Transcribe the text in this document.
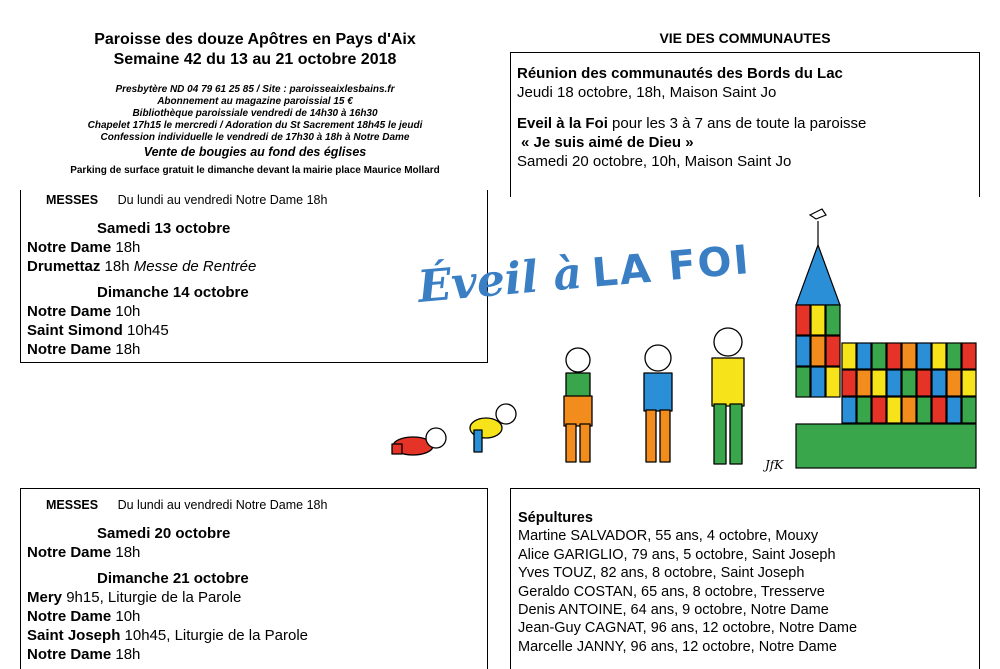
Paroisse des douze Apôtres en Pays d'Aix
Semaine 42 du 13 au 21 octobre 2018
Presbytère ND 04 79 61 25 85 / Site : paroisseaixlesbains.fr
Abonnement au magazine paroissial 15 €
Bibliothèque paroissiale vendredi de 14h30 à 16h30
Chapelet 17h15 le mercredi / Adoration du St Sacrement 18h45 le jeudi
Confession individuelle le vendredi de 17h30 à 18h à Notre Dame
Vente de bougies au fond des églises
Parking de surface gratuit le dimanche devant la mairie place Maurice Mollard
MESSES Du lundi au vendredi Notre Dame 18h
Samedi 13 octobre
Notre Dame 18h
Drumettaz 18h Messe de Rentrée
Dimanche 14 octobre
Notre Dame 10h
Saint Simond 10h45
Notre Dame 18h
MESSES Du lundi au vendredi Notre Dame 18h
Samedi 20 octobre
Notre Dame 18h
Dimanche 21 octobre
Mery 9h15, Liturgie de la Parole
Notre Dame 10h
Saint Joseph 10h45, Liturgie de la Parole
Notre Dame 18h
VIE DES COMMUNAUTES
Réunion des communautés des Bords du Lac
Jeudi 18 octobre, 18h, Maison Saint Jo
Eveil à la Foi pour les 3 à 7 ans de toute la paroisse
« Je suis aimé de Dieu »
Samedi 20 octobre, 10h, Maison Saint Jo
Éveil à LA FOI
JfK
Sépultures
Martine SALVADOR, 55 ans, 4 octobre, Mouxy
Alice GARIGLIO, 79 ans, 5 octobre, Saint Joseph
Yves TOUZ, 82 ans, 8 octobre, Saint Joseph
Geraldo COSTAN, 65 ans, 8 octobre, Tresserve
Denis ANTOINE, 64 ans, 9 octobre, Notre Dame
Jean-Guy CAGNAT, 96 ans, 12 octobre, Notre Dame
Marcelle JANNY, 96 ans, 12 octobre, Notre Dame
